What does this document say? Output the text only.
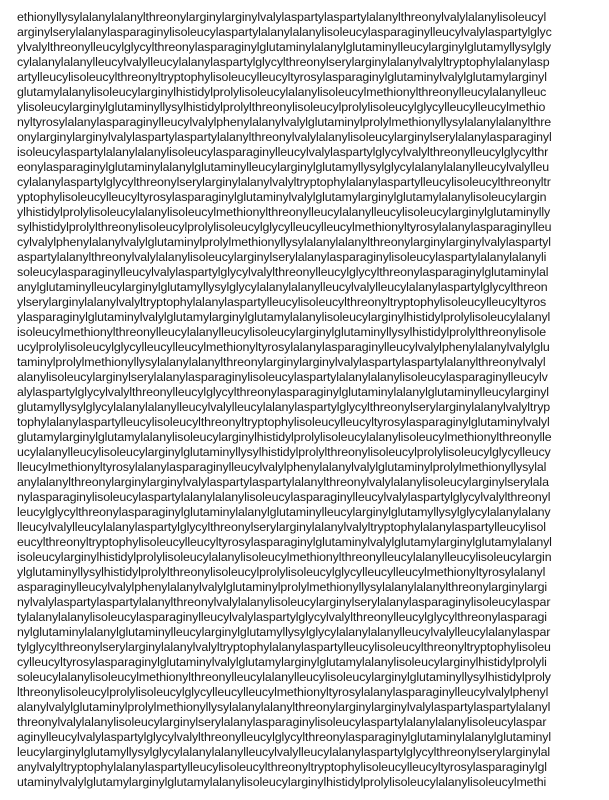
ethionyllysylalanylalanylthreonylarginylarginylvalylaspartylaspartylalanylthreonylvalylalanylisoleucyl
arginylserylalanylasparaginylisoleucylaspartylalanylalanylisoleucylasparaginylleucylvalylaspartylglyc
ylvalylthreonylleucylglycylthreonylasparaginylglutaminylalanylglutaminylleucylarginylglutamyllysylgly
cylalanylalanylleucylvalylleucylalanylaspartylglycylthreonylserylarginylalanylvalyltryptophylalanylasp
artylleucylisoleucylthreonyltryptophylisoleucylleucyltyrosylasparaginylglutaminylvalylglutamylarginyl
glutamylalanylisoleucylarginylhistidylprolylisoleucylalanylisoleucylmethionylthreonylleucylalanylleuc
ylisoleucylarginylglutaminyllysylhistidylprolylthreonylisoleucylprolylisoleucylglycylleucylleucylmethio
nyltyrosylalanylasparaginylleucylvalylphenylalanylvalylglutaminylprolylmethionyllysylalanylalanylthre
onylarginylarginylvalylaspartylaspartylalanylthreonylvalylalanylisoleucylarginylserylalanylasparaginyl
isoleucylaspartylalanylalanylisoleucylasparaginylleucylvalylaspartylglycylvalylthreonylleucylglycylthr
eonylasparaginylglutaminylalanylglutaminylleucylarginylglutamyllysylglycylalanylalanylleucylvalylleu
cylalanylaspartylglycylthreonylserylarginylalanylvalyltryptophylalanylaspartylleucylisoleucylthreonyltr
yptophylisoleucylleucyltyrosylasparaginylglutaminylvalylglutamylarginylglutamylalanylisoleucylargin
ylhistidylprolylisoleucylalanylisoleucylmethionylthreonylleucylalanylleucylisoleucylarginylglutaminylly
sylhistidylprolylthreonylisoleucylprolylisoleucylglycylleucylleucylmethionyltyrosylalanylasparaginylleu
cylvalylphenylalanylvalylglutaminylprolylmethionyllysylalanylalanylthreonylarginylarginylvalylaspartyl
aspartylalanylthreonylvalylalanylisoleucylarginylserylalanylasparaginylisoleucylaspartylalanylalanyli
soleucylasparaginylleucylvalylaspartylglycylvalylthreonylleucylglycylthreonylasparaginylglutaminylal
anylglutaminylleucylarginylglutamyllysylglycylalanylalanylleucylvalylleucylalanylaspartylglycylthreon
ylserylarginylalanylvalyltryptophylalanylaspartylleucylisoleucylthreonyltryptophylisoleucylleucyltyros
ylasparaginylglutaminylvalylglutamylarginylglutamylalanylisoleucylarginylhistidylprolylisoleucylalanyl
isoleucylmethionylthreonylleucylalanylleucylisoleucylarginylglutaminyllysylhistidylprolylthreonylisole
ucylprolylisoleucylglycylleucylleucylmethionyltyrosylalanylasparaginylleucylvalylphenylalanylvalylglu
taminylprolylmethionyllysylalanylalanylthreonylarginylarginylvalylaspartylaspartylalanylthreonylvalyl
alanylisoleucylarginylserylalanylasparaginylisoleucylaspartylalanylalanylisoleucylasparaginylleucylv
alylaspartylglycylvalylthreonylleucylglycylthreonylasparaginylglutaminylalanylglutaminylleucylarginyl
glutamyllysylglycylalanylalanylleucylvalylleucylalanylaspartylglycylthreonylserylarginylalanylvalyltryp
tophylalanylaspartylleucylisoleucylthreonyltryptophylisoleucylleucyltyrosylasparaginylglutaminylvalyl
glutamylarginylglutamylalanylisoleucylarginylhistidylprolylisoleucylalanylisoleucylmethionylthreonylle
ucylalanylleucylisoleucylarginylglutaminyllysylhistidylprolylthreonylisoleucylprolylisoleucylglycylleucy
lleucylmethionyltyrosylalanylasparaginylleucylvalylphenylalanylvalylglutaminylprolylmethionyllysylal
anylalanylthreonylarginylarginylvalylaspartylaspartylalanylthreonylvalylalanylisoleucylarginylserylala
nylasparaginylisoleucylaspartylalanylalanylisoleucylasparaginylleucylvalylaspartylglycylvalylthreonyl
leucylglycylthreonylasparaginylglutaminylalanylglutaminylleucylarginylglutamyllysylglycylalanylalany
lleucylvalylleucylalanylaspartylglycylthreonylserylarginylalanylvalyltryptophylalanylaspartylleucylisol
eucylthreonyltryptophylisoleucylleucyltyrosylasparaginylglutaminylvalylglutamylarginylglutamylalanyl
isoleucylarginylhistidylprolylisoleucylalanylisoleucylmethionylthreonylleucylalanylleucylisoleucylargin
ylglutaminyllysylhistidylprolylthreonylisoleucylprolylisoleucylglycylleucylleucylmethionyltyrosylalanyl
asparaginylleucylvalylphenylalanylvalylglutaminylprolylmethionyllysylalanylalanylthreonylarginylargi
nylvalylaspartylaspartylalanylthreonylvalylalanylisoleucylarginylserylalanylasparaginylisoleucylaspar
tylalanylalanylisoleucylasparaginylleucylvalylaspartylglycylvalylthreonylleucylglycylthreonylasparagi
nylglutaminylalanylglutaminylleucylarginylglutamyllysylglycylalanylalanylleucylvalylleucylalanylaspar
tylglycylthreonylserylarginylalanylvalyltryptophylalanylaspartylleucylisoleucylthreonyltryptophylisoleu
cylleucyltyrosylasparaginylglutaminylvalylglutamylarginylglutamylalanylisoleucylarginylhistidylprolyli
soleucylalanylisoleucylmethionylthreonylleucylalanylleucylisoleucylarginylglutaminyllysylhistidylproly
lthreonylisoleucylprolylisoleucylglycylleucylleucylmethionyltyrosylalanylasparaginylleucylvalylphenyl
alanylvalylglutaminylprolylmethionyllysylalanylalanylthreonylarginylarginylvalylaspartylaspartylalanyl
threonylvalylalanylisoleucylarginylserylalanylasparaginylisoleucylaspartylalanylalanylisoleucylaspar
aginylleucylvalylaspartylglycylvalylthreonylleucylglycylthreonylasparaginylglutaminylalanylglutaminyl
leucylarginylglutamyllysylglycylalanylalanylleucylvalylleucylalanylaspartylglycylthreonylserylarginylal
anylvalyltryptophylalanylaspartylleucylisoleucylthreonyltryptophylisoleucylleucyltyrosylasparaginylgl
utaminylvalylglutamylarginylglutamylalanylisoleucylarginylhistidylprolylisoleucylalanylisoleucylmethi
